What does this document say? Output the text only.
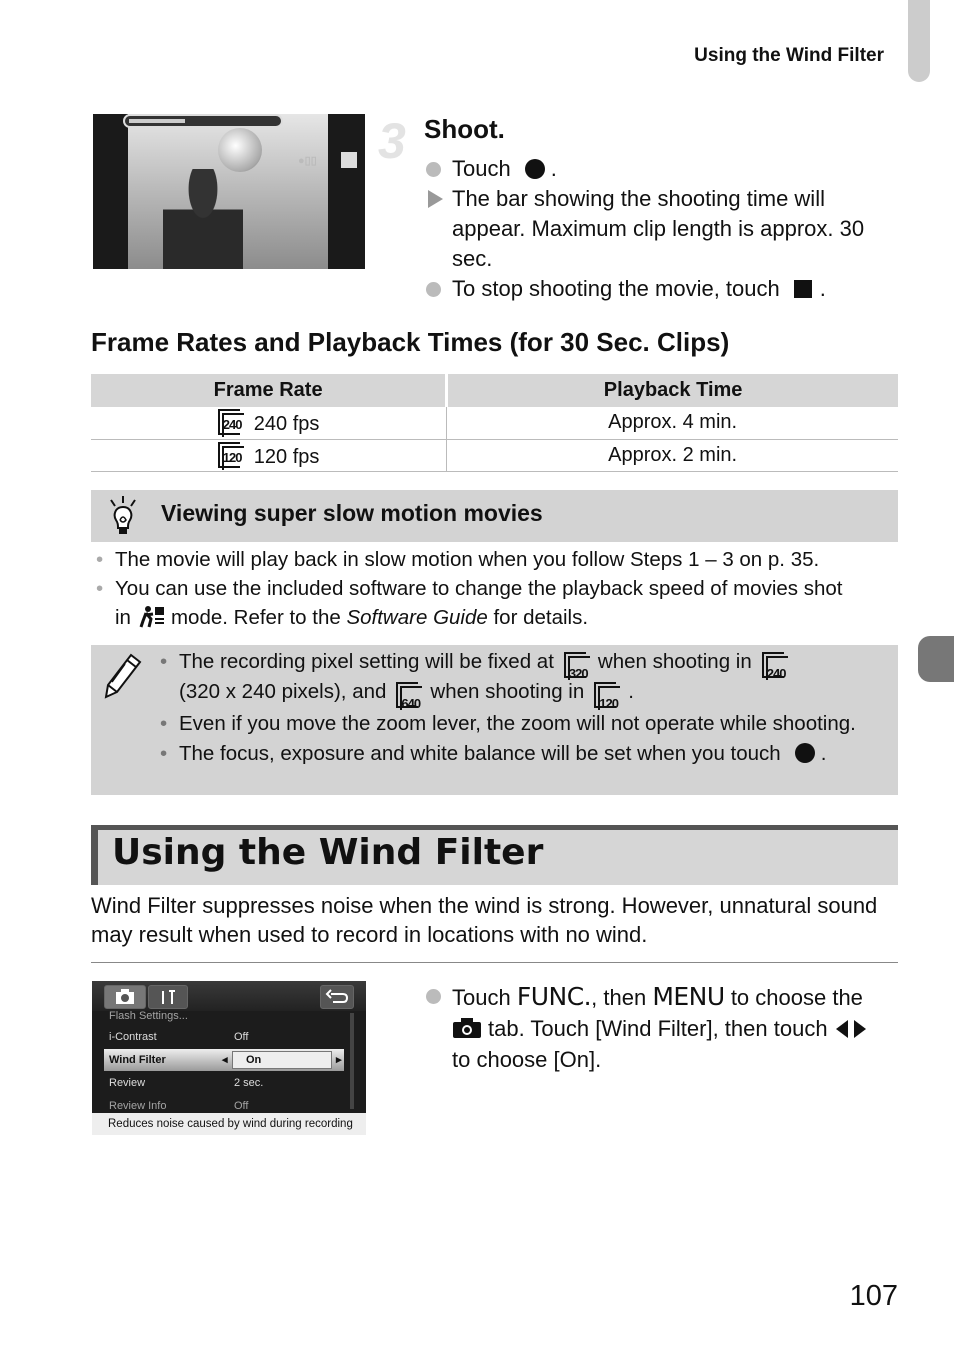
Using the Wind Filter
●▯▯ 3 Shoot.
Touch .
The bar showing the shooting time will appear. Maximum clip length is approx. 30 sec.
To stop shooting the movie, touch .
Frame Rates and Playback Times (for 30 Sec. Clips)
Frame Rate	Playback Time

240 240 fps	Approx. 4 min.

120 120 fps	Approx. 2 min.
Viewing super slow motion movies
• The movie will play back in slow motion when you follow Steps 1 – 3 on p. 35.
• You can use the included software to change the playback speed of movies shot
in mode. Refer to the Software Guide for details.
• The recording pixel setting will be fixed at
320
when shooting in
240

(320 x 240 pixels), and
640
when shooting in
120
.
• Even if you move the zoom lever, the zoom will not operate while shooting.
• The focus, exposure and white balance will be set when you touch .
Using the Wind Filter
Wind Filter suppresses noise when the wind is strong. However, unnatural sound may result when used to record in locations with no wind.
Flash Settings...
i-Contrast	Off
Wind Filter	On
◂	▸
Review	2 sec.
Review Info	Off
Reduces noise caused by wind during recording
Touch FUNC., then MENU to choose the
tab. Touch [Wind Filter], then touch
to choose [On].
107
